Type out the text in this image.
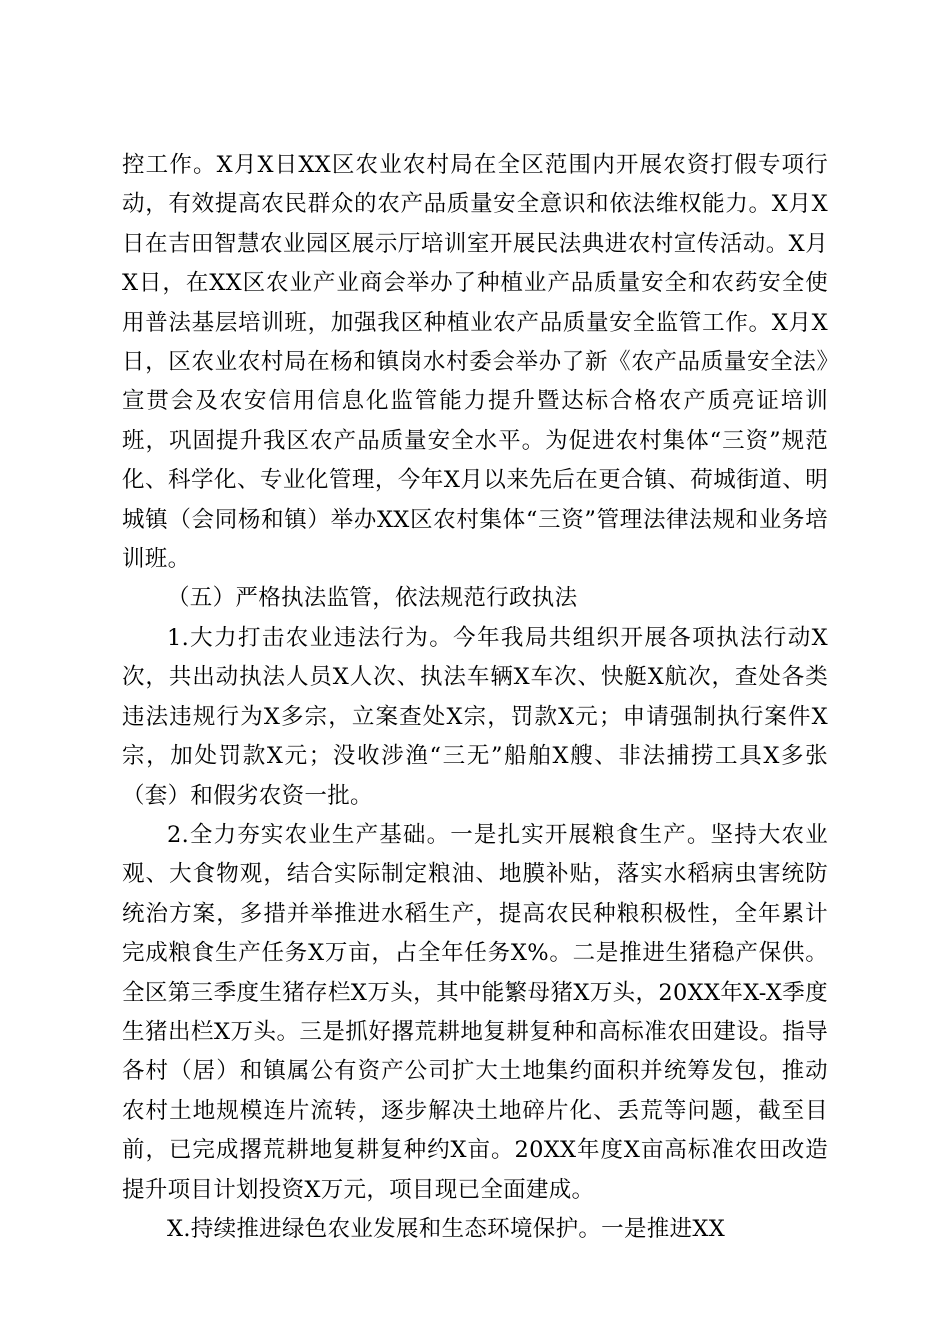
控工作。X月X日XX区农业农村局在全区范围内开展农资打假专项行动，有效提高农民群众的农产品质量安全意识和依法维权能力。X月X日在吉田智慧农业园区展示厅培训室开展民法典进农村宣传活动。X月X日，在XX区农业产业商会举办了种植业产品质量安全和农药安全使用普法基层培训班，加强我区种植业农产品质量安全监管工作。X月X日，区农业农村局在杨和镇岗水村委会举办了新《农产品质量安全法》宣贯会及农安信用信息化监管能力提升暨达标合格农产质亮证培训班，巩固提升我区农产品质量安全水平。为促进农村集体“三资”规范化、科学化、专业化管理，今年X月以来先后在更合镇、荷城街道、明城镇（会同杨和镇）举办XX区农村集体“三资”管理法律法规和业务培训班。

（五）严格执法监管，依法规范行政执法

1.大力打击农业违法行为。今年我局共组织开展各项执法行动X次，共出动执法人员X人次、执法车辆X车次、快艇X航次，查处各类违法违规行为X多宗，立案查处X宗，罚款X元；申请强制执行案件X宗，加处罚款X元；没收涉渔“三无”船舶X艘、非法捕捞工具X多张（套）和假劣农资一批。

2.全力夯实农业生产基础。一是扎实开展粮食生产。坚持大农业观、大食物观，结合实际制定粮油、地膜补贴，落实水稻病虫害统防统治方案，多措并举推进水稻生产，提高农民种粮积极性，全年累计完成粮食生产任务X万亩，占全年任务X%。二是推进生猪稳产保供。全区第三季度生猪存栏X万头，其中能繁母猪X万头，20XX年X-X季度生猪出栏X万头。三是抓好撂荒耕地复耕复种和高标准农田建设。指导各村（居）和镇属公有资产公司扩大土地集约面积并统筹发包，推动农村土地规模连片流转，逐步解决土地碎片化、丢荒等问题，截至目前，已完成撂荒耕地复耕复种约X亩。20XX年度X亩高标准农田改造提升项目计划投资X万元，项目现已全面建成。

X.持续推进绿色农业发展和生态环境保护。一是推进XX
